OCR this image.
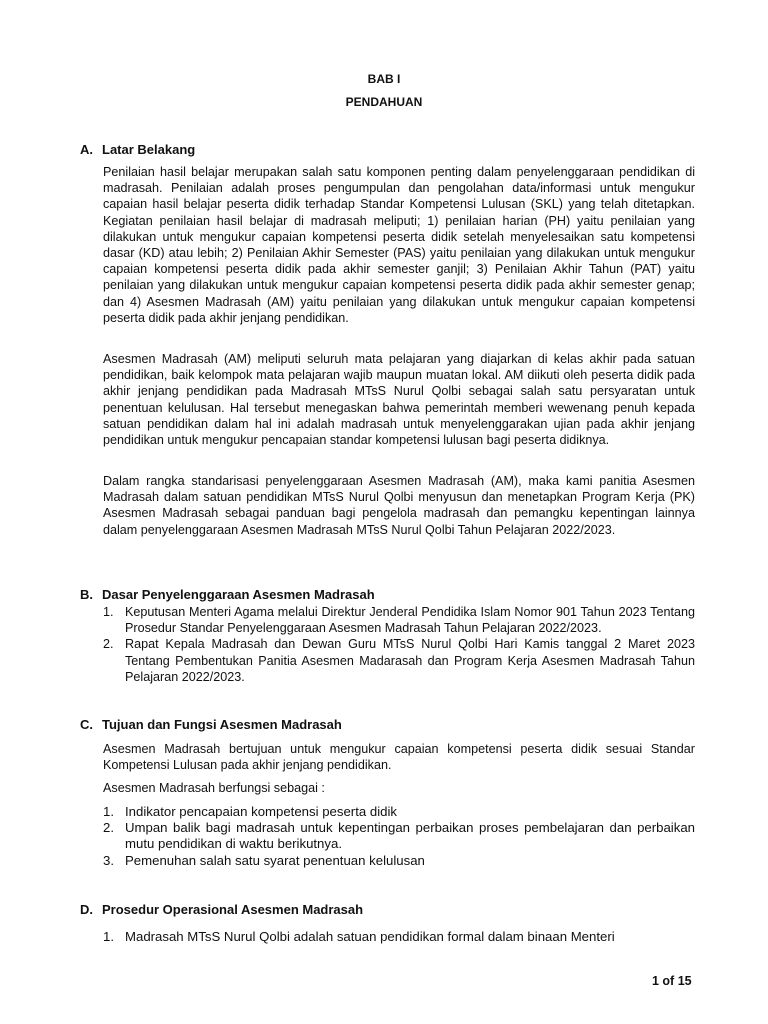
BAB I
PENDAHUAN
A. Latar Belakang
Penilaian hasil belajar merupakan salah satu komponen penting dalam penyelenggaraan pendidikan di madrasah. Penilaian adalah proses pengumpulan dan pengolahan data/informasi untuk mengukur capaian hasil belajar peserta didik terhadap Standar Kompetensi Lulusan (SKL) yang telah ditetapkan. Kegiatan penilaian hasil belajar di madrasah meliputi; 1) penilaian harian (PH) yaitu penilaian yang dilakukan untuk mengukur capaian kompetensi peserta didik setelah menyelesaikan satu kompetensi dasar (KD) atau lebih; 2) Penilaian Akhir Semester (PAS) yaitu penilaian yang dilakukan untuk mengukur capaian kompetensi peserta didik pada akhir semester ganjil; 3) Penilaian Akhir Tahun (PAT) yaitu penilaian yang dilakukan untuk mengukur capaian kompetensi peserta didik pada akhir semester genap; dan 4) Asesmen Madrasah (AM) yaitu penilaian yang dilakukan untuk mengukur capaian kompetensi peserta didik pada akhir jenjang pendidikan.
Asesmen Madrasah (AM) meliputi seluruh mata pelajaran yang diajarkan di kelas akhir pada satuan pendidikan, baik kelompok mata pelajaran wajib maupun muatan lokal. AM diikuti oleh peserta didik pada akhir jenjang pendidikan pada Madrasah MTsS Nurul Qolbi sebagai salah satu persyaratan untuk penentuan kelulusan. Hal tersebut menegaskan bahwa pemerintah memberi wewenang penuh kepada satuan pendidikan dalam hal ini adalah madrasah untuk menyelenggarakan ujian pada akhir jenjang pendidikan untuk mengukur pencapaian standar kompetensi lulusan bagi peserta didiknya.
Dalam rangka standarisasi penyelenggaraan Asesmen Madrasah (AM), maka kami panitia Asesmen Madrasah dalam satuan pendidikan MTsS Nurul Qolbi menyusun dan menetapkan Program Kerja (PK) Asesmen Madrasah sebagai panduan bagi pengelola madrasah dan pemangku kepentingan lainnya dalam penyelenggaraan Asesmen Madrasah MTsS Nurul Qolbi Tahun Pelajaran 2022/2023.
B. Dasar Penyelenggaraan Asesmen Madrasah
1. Keputusan Menteri Agama melalui Direktur Jenderal Pendidika Islam Nomor 901 Tahun 2023 Tentang Prosedur Standar Penyelenggaraan Asesmen Madrasah Tahun Pelajaran 2022/2023.
2. Rapat Kepala Madrasah dan Dewan Guru MTsS Nurul Qolbi Hari Kamis tanggal 2 Maret 2023 Tentang Pembentukan Panitia Asesmen Madarasah dan Program Kerja Asesmen Madrasah Tahun Pelajaran 2022/2023.
C. Tujuan dan Fungsi Asesmen Madrasah
Asesmen Madrasah bertujuan untuk mengukur capaian kompetensi peserta didik sesuai Standar Kompetensi Lulusan pada akhir jenjang pendidikan.
Asesmen Madrasah berfungsi sebagai :
1. Indikator pencapaian kompetensi peserta didik
2. Umpan balik bagi madrasah untuk kepentingan perbaikan proses pembelajaran dan perbaikan mutu pendidikan di waktu berikutnya.
3. Pemenuhan salah satu syarat penentuan kelulusan
D. Prosedur Operasional Asesmen Madrasah
1. Madrasah MTsS Nurul Qolbi adalah satuan pendidikan formal dalam binaan Menteri
1 of 15
